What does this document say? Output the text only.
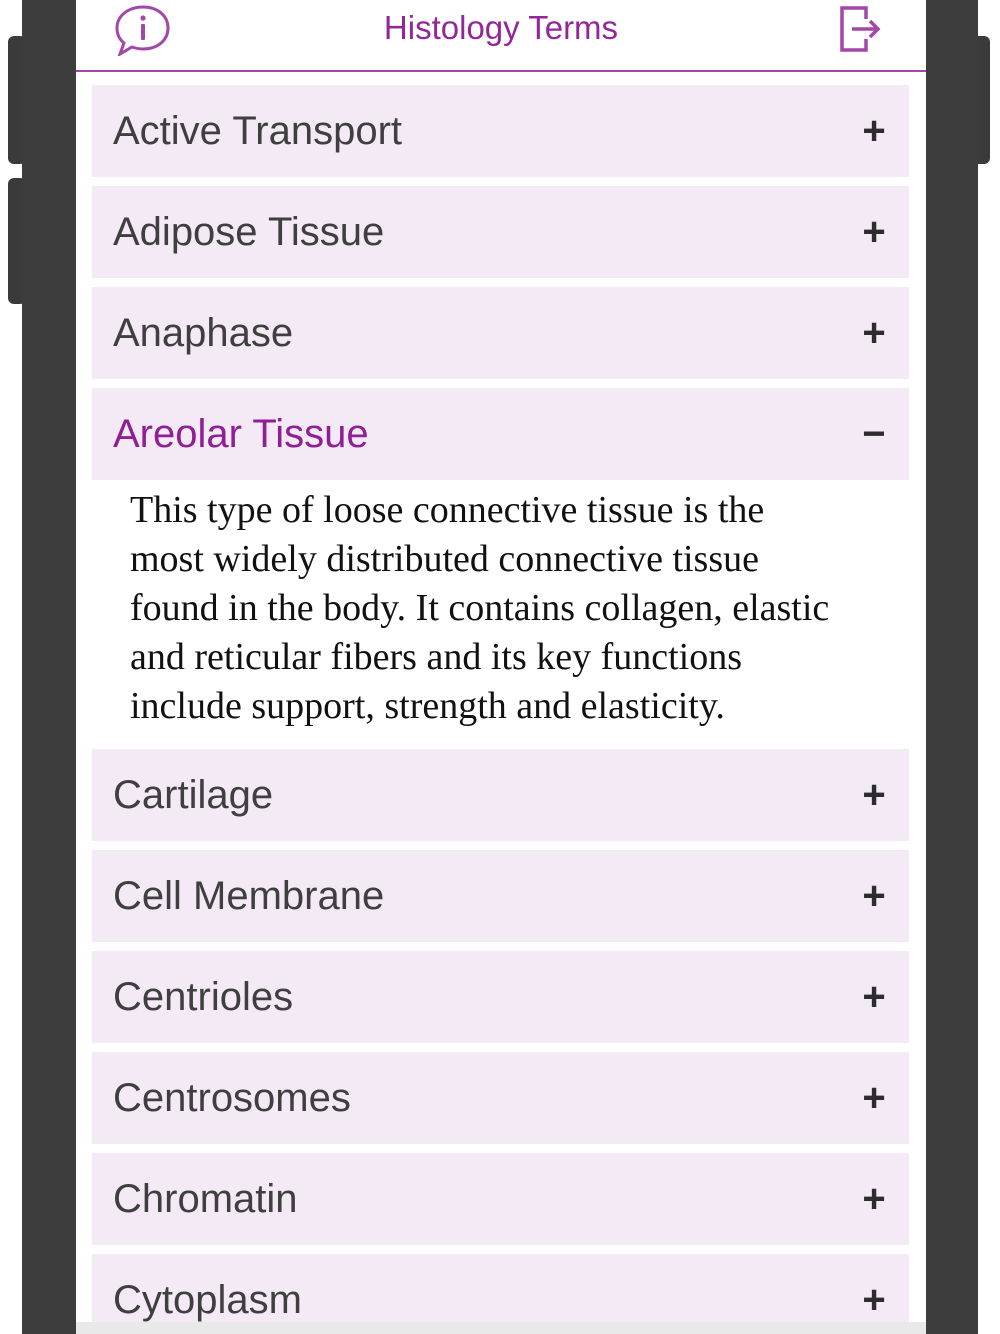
Histology Terms
Active Transport	+
Adipose Tissue	+
Anaphase	+
Areolar Tissue	−
This type of loose connective tissue is the most widely distributed connective tissue found in the body. It contains collagen, elastic and reticular fibers and its key functions include support, strength and elasticity.
Cartilage	+
Cell Membrane	+
Centrioles	+
Centrosomes	+
Chromatin	+
Cytoplasm	+
